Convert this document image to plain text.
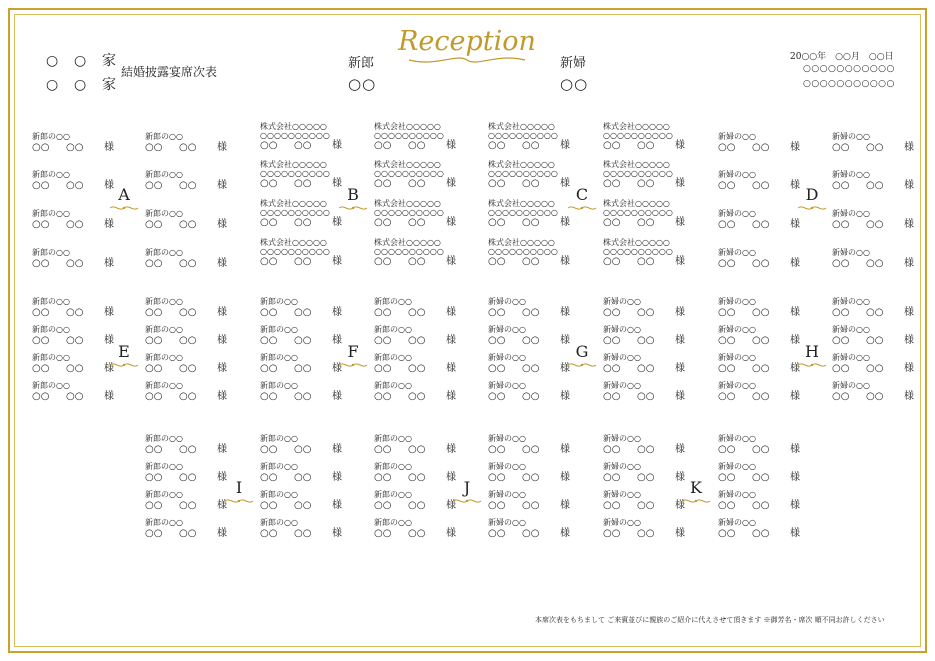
○ ○ 家
○ ○ 家
結婚披露宴席次表
新郎
○○
新婦
○○
Reception	20○○年　○○月　○○日
○○○○○○○○○○○
○○○○○○○○○○○
新郎の○○
○○ ○○ 様
新郎の○○
○○ ○○ 様
新郎の○○
○○ ○○ 様
新郎の○○
○○ ○○ 様
新郎の○○
○○ ○○ 様
新郎の○○
○○ ○○ 様
新郎の○○
○○ ○○ 様
新郎の○○
○○ ○○ 様
株式会社○○○○○
○○○○○○○○○○
○○ ○○ 様
株式会社○○○○○
○○○○○○○○○○
○○ ○○ 様
株式会社○○○○○
○○○○○○○○○○
○○ ○○ 様
株式会社○○○○○
○○○○○○○○○○
○○ ○○ 様
株式会社○○○○○
○○○○○○○○○○
○○ ○○ 様
株式会社○○○○○
○○○○○○○○○○
○○ ○○ 様
株式会社○○○○○
○○○○○○○○○○
○○ ○○ 様
株式会社○○○○○
○○○○○○○○○○
○○ ○○ 様
株式会社○○○○○
○○○○○○○○○○
○○ ○○ 様
株式会社○○○○○
○○○○○○○○○○
○○ ○○ 様
株式会社○○○○○
○○○○○○○○○○
○○ ○○ 様
株式会社○○○○○
○○○○○○○○○○
○○ ○○ 様
株式会社○○○○○
○○○○○○○○○○
○○ ○○ 様
株式会社○○○○○
○○○○○○○○○○
○○ ○○ 様
株式会社○○○○○
○○○○○○○○○○
○○ ○○ 様
株式会社○○○○○
○○○○○○○○○○
○○ ○○ 様
新婦の○○
○○ ○○ 様
新婦の○○
○○ ○○ 様
新婦の○○
○○ ○○ 様
新婦の○○
○○ ○○ 様
新婦の○○
○○ ○○ 様
新婦の○○
○○ ○○ 様
新婦の○○
○○ ○○ 様
新婦の○○
○○ ○○ 様
A	B	C	D
新郎の○○
○○ ○○ 様
新郎の○○
○○ ○○ 様
新郎の○○
○○ ○○ 様
新郎の○○
○○ ○○ 様
新郎の○○
○○ ○○ 様
新郎の○○
○○ ○○ 様
新郎の○○
○○ ○○ 様
新郎の○○
○○ ○○ 様
新郎の○○
○○ ○○ 様
新郎の○○
○○ ○○ 様
新郎の○○
○○ ○○ 様
新郎の○○
○○ ○○ 様
新郎の○○
○○ ○○ 様
新郎の○○
○○ ○○ 様
新郎の○○
○○ ○○ 様
新郎の○○
○○ ○○ 様
新婦の○○
○○ ○○ 様
新婦の○○
○○ ○○ 様
新婦の○○
○○ ○○ 様
新婦の○○
○○ ○○ 様
新婦の○○
○○ ○○ 様
新婦の○○
○○ ○○ 様
新婦の○○
○○ ○○ 様
新婦の○○
○○ ○○ 様
新婦の○○
○○ ○○ 様
新婦の○○
○○ ○○ 様
新婦の○○
○○ ○○ 様
新婦の○○
○○ ○○ 様
新婦の○○
○○ ○○ 様
新婦の○○
○○ ○○ 様
新婦の○○
○○ ○○ 様
新婦の○○
○○ ○○ 様
E	F	G	H
新郎の○○
○○ ○○ 様
新郎の○○
○○ ○○ 様
新郎の○○
○○ ○○ 様
新郎の○○
○○ ○○ 様
新郎の○○
○○ ○○ 様
新郎の○○
○○ ○○ 様
新郎の○○
○○ ○○ 様
新郎の○○
○○ ○○ 様
新郎の○○
○○ ○○ 様
新婦の○○
○○ ○○ 様
新郎の○○
○○ ○○ 様
新婦の○○
○○ ○○ 様
新郎の○○
○○ ○○ 様
新婦の○○
○○ ○○ 様
新郎の○○
○○ ○○ 様
新婦の○○
○○ ○○ 様
新婦の○○
○○ ○○ 様
新婦の○○
○○ ○○ 様
新婦の○○
○○ ○○ 様
新婦の○○
○○ ○○ 様
新婦の○○
○○ ○○ 様
新婦の○○
○○ ○○ 様
新婦の○○
○○ ○○ 様
新婦の○○
○○ ○○ 様
I	J	K
本席次表をもちまして ご来賓並びに親族のご紹介に代えさせて頂きます ※御芳名・席次 順不同お許しください
